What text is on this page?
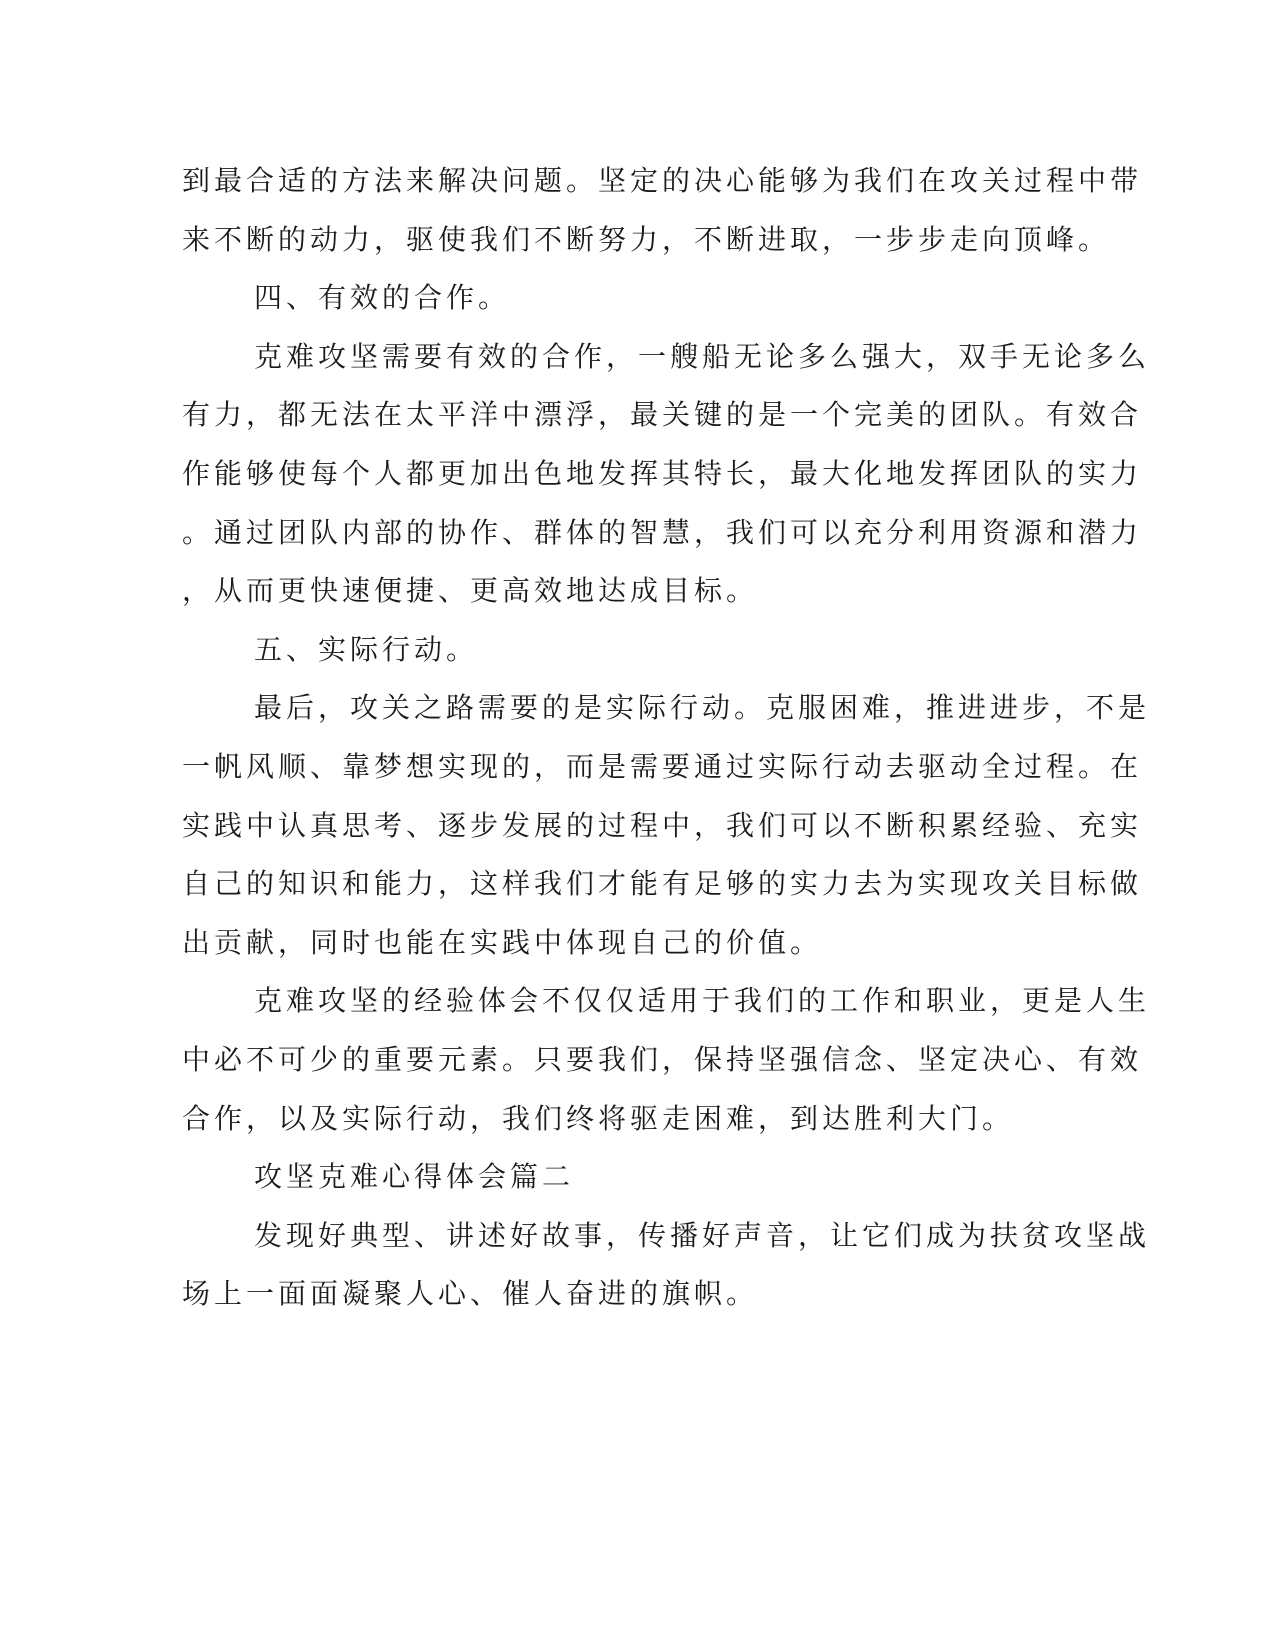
到最合适的方法来解决问题。坚定的决心能够为我们在攻关过程中带

来不断的动力，驱使我们不断努力，不断进取，一步步走向顶峰。

四、有效的合作。

克难攻坚需要有效的合作，一艘船无论多么强大，双手无论多么

有力，都无法在太平洋中漂浮，最关键的是一个完美的团队。有效合

作能够使每个人都更加出色地发挥其特长，最大化地发挥团队的实力

。通过团队内部的协作、群体的智慧，我们可以充分利用资源和潜力

，从而更快速便捷、更高效地达成目标。

五、实际行动。

最后，攻关之路需要的是实际行动。克服困难，推进进步，不是

一帆风顺、靠梦想实现的，而是需要通过实际行动去驱动全过程。在

实践中认真思考、逐步发展的过程中，我们可以不断积累经验、充实

自己的知识和能力，这样我们才能有足够的实力去为实现攻关目标做

出贡献，同时也能在实践中体现自己的价值。

克难攻坚的经验体会不仅仅适用于我们的工作和职业，更是人生

中必不可少的重要元素。只要我们，保持坚强信念、坚定决心、有效

合作，以及实际行动，我们终将驱走困难，到达胜利大门。

攻坚克难心得体会篇二

发现好典型、讲述好故事，传播好声音，让它们成为扶贫攻坚战

场上一面面凝聚人心、催人奋进的旗帜。
